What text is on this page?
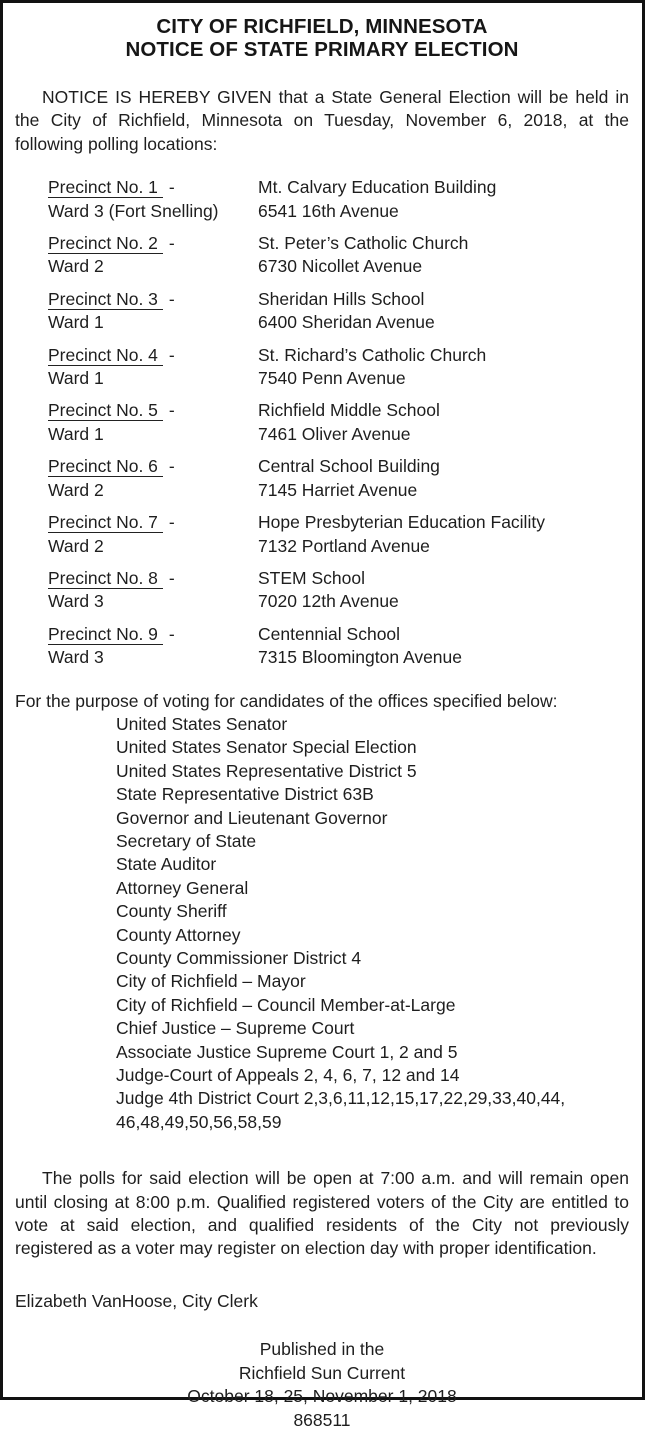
CITY OF RICHFIELD, MINNESOTA
NOTICE OF STATE PRIMARY ELECTION

NOTICE IS HEREBY GIVEN that a State General Election will be held in the City of Richfield, Minnesota on Tuesday, November 6, 2018, at the following polling locations:

Precinct No. 1 -
Ward 3 (Fort Snelling)
Mt. Calvary Education Building
6541 16th Avenue
Precinct No. 2 -
Ward 2
St. Peter’s Catholic Church
6730 Nicollet Avenue
Precinct No. 3 -
Ward 1
Sheridan Hills School
6400 Sheridan Avenue
Precinct No. 4 -
Ward 1
St. Richard’s Catholic Church
7540 Penn Avenue
Precinct No. 5 -
Ward 1
Richfield Middle School
7461 Oliver Avenue
Precinct No. 6 -
Ward 2
Central School Building
7145 Harriet Avenue
Precinct No. 7 -
Ward 2
Hope Presbyterian Education Facility
7132 Portland Avenue
Precinct No. 8 -
Ward 3
STEM School
7020 12th Avenue
Precinct No. 9 -
Ward 3
Centennial School
7315 Bloomington Avenue

For the purpose of voting for candidates of the offices specified below:

United States Senator
United States Senator Special Election
United States Representative District 5
State Representative District 63B
Governor and Lieutenant Governor
Secretary of State
State Auditor
Attorney General
County Sheriff
County Attorney
County Commissioner District 4
City of Richfield – Mayor
City of Richfield – Council Member-at-Large
Chief Justice – Supreme Court
Associate Justice Supreme Court 1, 2 and 5
Judge-Court of Appeals 2, 4, 6, 7, 12 and 14
Judge 4th District Court 2,3,6,11,12,15,17,22,29,33,40,44, 46,48,49,50,56,58,59

The polls for said election will be open at 7:00 a.m. and will remain open until closing at 8:00 p.m. Qualified registered voters of the City are entitled to vote at said election, and qualified residents of the City not previously registered as a voter may register on election day with proper identification.

Elizabeth VanHoose, City Clerk

Published in the
Richfield Sun Current
October 18, 25, November 1, 2018
868511
